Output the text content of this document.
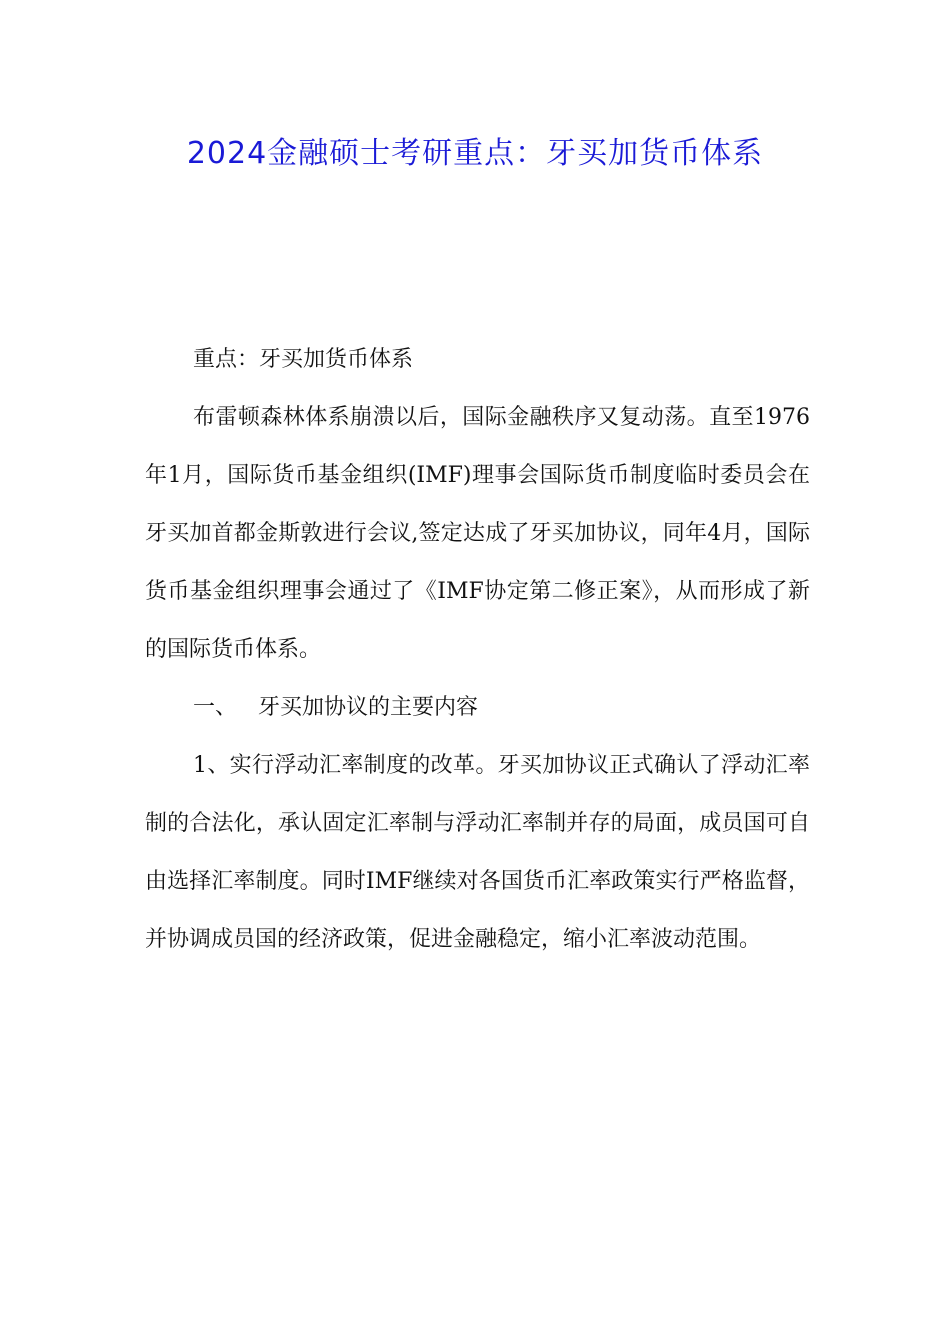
2024金融硕士考研重点：牙买加货币体系

重点：牙买加货币体系

布雷顿森林体系崩溃以后，国际金融秩序又复动荡。直至1976年1月，国际货币基金组织(IMF)理事会国际货币制度临时委员会在牙买加首都金斯敦进行会议,签定达成了牙买加协议，同年4月，国际货币基金组织理事会通过了《IMF协定第二修正案》，从而形成了新的国际货币体系。

一、 牙买加协议的主要内容

1、实行浮动汇率制度的改革。牙买加协议正式确认了浮动汇率制的合法化，承认固定汇率制与浮动汇率制并存的局面，成员国可自由选择汇率制度。同时IMF继续对各国货币汇率政策实行严格监督，并协调成员国的经济政策，促进金融稳定，缩小汇率波动范围。
